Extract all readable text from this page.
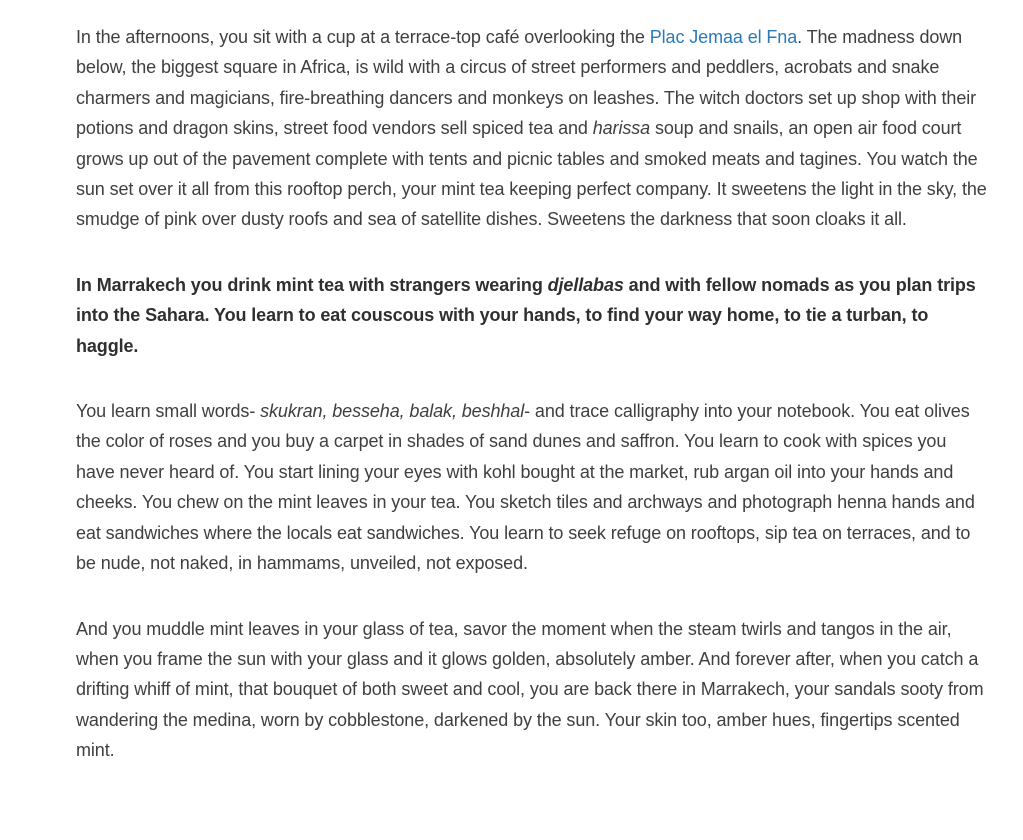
In the afternoons, you sit with a cup at a terrace-top café overlooking the Plac Jemaa el Fna. The madness down below, the biggest square in Africa, is wild with a circus of street performers and peddlers, acrobats and snake charmers and magicians, fire-breathing dancers and monkeys on leashes. The witch doctors set up shop with their potions and dragon skins, street food vendors sell spiced tea and harissa soup and snails, an open air food court grows up out of the pavement complete with tents and picnic tables and smoked meats and tagines. You watch the sun set over it all from this rooftop perch, your mint tea keeping perfect company. It sweetens the light in the sky, the smudge of pink over dusty roofs and sea of satellite dishes. Sweetens the darkness that soon cloaks it all.

In Marrakech you drink mint tea with strangers wearing djellabas and with fellow nomads as you plan trips into the Sahara. You learn to eat couscous with your hands, to find your way home, to tie a turban, to haggle.

You learn small words- skukran, besseha, balak, beshhal- and trace calligraphy into your notebook. You eat olives the color of roses and you buy a carpet in shades of sand dunes and saffron. You learn to cook with spices you have never heard of. You start lining your eyes with kohl bought at the market, rub argan oil into your hands and cheeks. You chew on the mint leaves in your tea. You sketch tiles and archways and photograph henna hands and eat sandwiches where the locals eat sandwiches. You learn to seek refuge on rooftops, sip tea on terraces, and to be nude, not naked, in hammams, unveiled, not exposed.

And you muddle mint leaves in your glass of tea, savor the moment when the steam twirls and tangos in the air, when you frame the sun with your glass and it glows golden, absolutely amber. And forever after, when you catch a drifting whiff of mint, that bouquet of both sweet and cool, you are back there in Marrakech, your sandals sooty from wandering the medina, worn by cobblestone, darkened by the sun. Your skin too, amber hues, fingertips scented mint.
